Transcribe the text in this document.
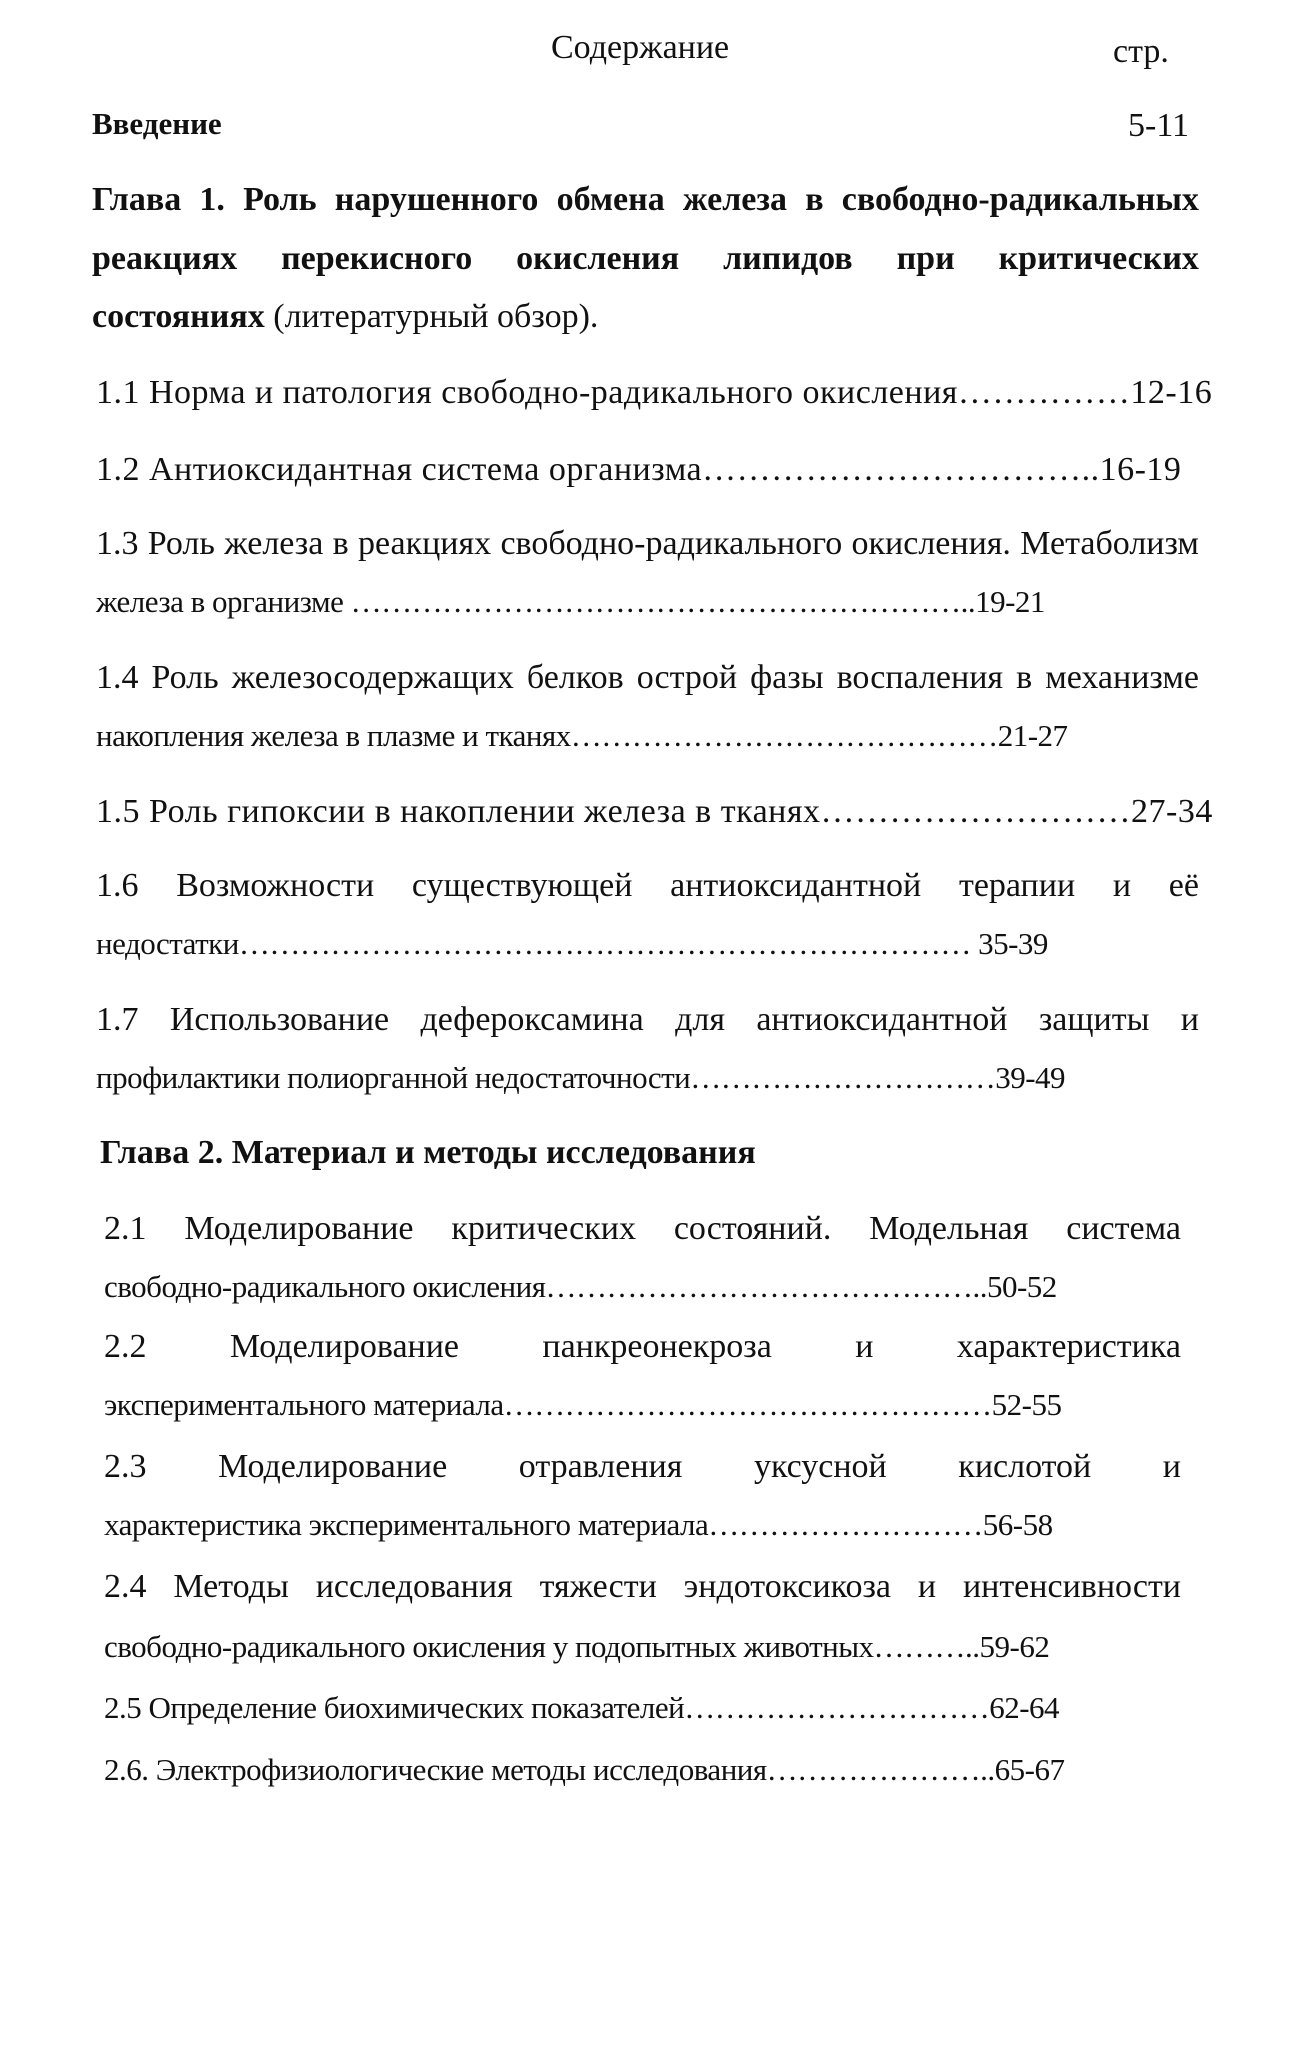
Содержание	стр.
Введение	5-11
Глава 1. Роль нарушенного обмена железа в свободно-радикальных
реакциях перекисного окисления липидов при критических
состояниях (литературный обзор).
1.1 Норма и патология свободно-радикального окисления……………12-16
1.2 Антиоксидантная система организма……………………………..16-19
1.3 Роль железа в реакциях свободно-радикального окисления. Метаболизм
железа в организме ……………………………………………………..19-21
1.4 Роль железосодержащих белков острой фазы воспаления в механизме
накопления железа в плазме и тканях……………………………………21-27
1.5 Роль гипоксии в накоплении железа в тканях………………………27-34
1.6 Возможности существующей антиоксидантной терапии и её
недостатки……………………………………………………………… 35-39
1.7 Использование дефероксамина для антиоксидантной защиты и
профилактики полиорганной недостаточности…………………………39-49
Глава 2. Материал и методы исследования
2.1 Моделирование критических состояний. Модельная система
свободно-радикального окисления……………………………………..50-52
2.2 Моделирование панкреонекроза и характеристика
экспериментального материала…………………………………………52-55
2.3 Моделирование отравления уксусной кислотой и
характеристика экспериментального материала………………………56-58
2.4 Методы исследования тяжести эндотоксикоза и интенсивности
свободно-радикального окисления у подопытных животных………..59-62
2.5 Определение биохимических показателей…………………………62-64
2.6. Электрофизиологические методы исследования…………………..65-67
